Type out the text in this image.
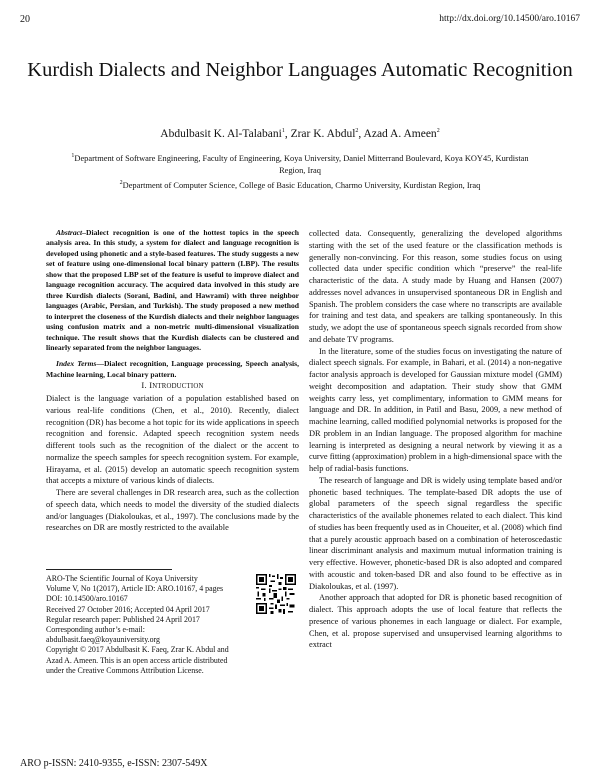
20	http://dx.doi.org/10.14500/aro.10167
Kurdish Dialects and Neighbor Languages Automatic Recognition
Abdulbasit K. Al-Talabani$^1$, Zrar K. Abdul$^2$, Azad A. Ameen$^2$
$^1$Department of Software Engineering, Faculty of Engineering, Koya University, Daniel Mitterrand Boulevard, Koya KOY45, Kurdistan Region, Iraq
$^2$Department of Computer Science, College of Basic Education, Charmo University, Kurdistan Region, Iraq

Abstract–Dialect recognition is one of the hottest topics in the speech analysis area. In this study, a system for dialect and language recognition is developed using phonetic and a style-based features. The study suggests a new set of feature using one-dimensional local binary pattern (LBP). The results show that the proposed LBP set of the feature is useful to improve dialect and language recognition accuracy. The acquired data involved in this study are three Kurdish dialects (Sorani, Badini, and Hawrami) with three neighbor languages (Arabic, Persian, and Turkish). The study proposed a new method to interpret the closeness of the Kurdish dialects and their neighbor languages using confusion matrix and a non-metric multi-dimensional visualization technique. The result shows that the Kurdish dialects can be clustered and linearly separated from the neighbor languages.

Index Terms—Dialect recognition, Language processing, Speech analysis, Machine learning, Local binary pattern.

I. INTRODUCTION

Dialect is the language variation of a population established based on various real-life conditions (Chen, et al., 2010). Recently, dialect recognition (DR) has become a hot topic for its wide applications in speech recognition and forensic. Adapted speech recognition system needs different tools such as the recognition of the dialect or the accent to normalize the speech samples for speech recognition system. For example, Hirayama, et al. (2015) develop an automatic speech recognition system that accepts a mixture of various kinds of dialects.

There are several challenges in DR research area, such as the collection of speech data, which needs to model the diversity of the studied dialects and/or languages (Diakoloukas, et al., 1997). The conclusions made by the researches on DR are mostly restricted to the available

collected data. Consequently, generalizing the developed algorithms starting with the set of the used feature or the classification methods is generally non-convincing. For this reason, some studies focus on using collected data under specific condition which “preserve” the real-life characteristic of the data. A study made by Huang and Hansen (2007) addresses novel advances in unsupervised spontaneous DR in English and Spanish. The problem considers the case where no transcripts are available for training and test data, and speakers are talking spontaneously. In this study, we adopt the use of spontaneous speech signals recorded from show and debate TV programs.

In the literature, some of the studies focus on investigating the nature of dialect speech signals. For example, in Bahari, et al. (2014) a non-negative factor analysis approach is developed for Gaussian mixture model (GMM) weight decomposition and adaptation. Their study show that GMM weights carry less, yet complimentary, information to GMM means for language and DR. In addition, in Patil and Basu, 2009, a new method of machine learning, called modified polynomial networks is proposed for the DR problem in an Indian language. The proposed algorithm for machine learning is interpreted as designing a neural network by viewing it as a curve fitting (approximation) problem in a high-dimensional space with the help of radial-basis functions.

The research of language and DR is widely using template based and/or phonetic based techniques. The template-based DR adopts the use of global parameters of the speech signal regardless the specific characteristics of the available phonemes related to each dialect. This kind of studies has been frequently used as in Choueiter, et al. (2008) which find that a purely acoustic approach based on a combination of heteroscedastic linear discriminant analysis and maximum mutual information training is very effective. However, phonetic-based DR is also adopted and compared with acoustic and token-based DR and also found to be effective as in Diakoloukas, et al. (1997).

Another approach that adopted for DR is phonetic based recognition of dialect. This approach adopts the use of local feature that reflects the presence of various phonemes in each language or dialect. For example, Chen, et al. propose supervised and unsupervised learning algorithms to extract

ARO-The Scientific Journal of Koya University
Volume V, No 1(2017), Article ID: ARO.10167, 4 pages
DOI: 10.14500/aro.10167
Received 27 October 2016; Accepted 04 April 2017
Regular research paper: Published 24 April 2017
Corresponding author’s e-mail: abdulbasit.faeq@koyauniversity.org
Copyright © 2017 Abdulbasit K. Faeq, Zrar K. Abdul and Azad A. Ameen. This is an open access article distributed under the Creative Commons Attribution License.
ARO p-ISSN: 2410-9355, e-ISSN: 2307-549X
